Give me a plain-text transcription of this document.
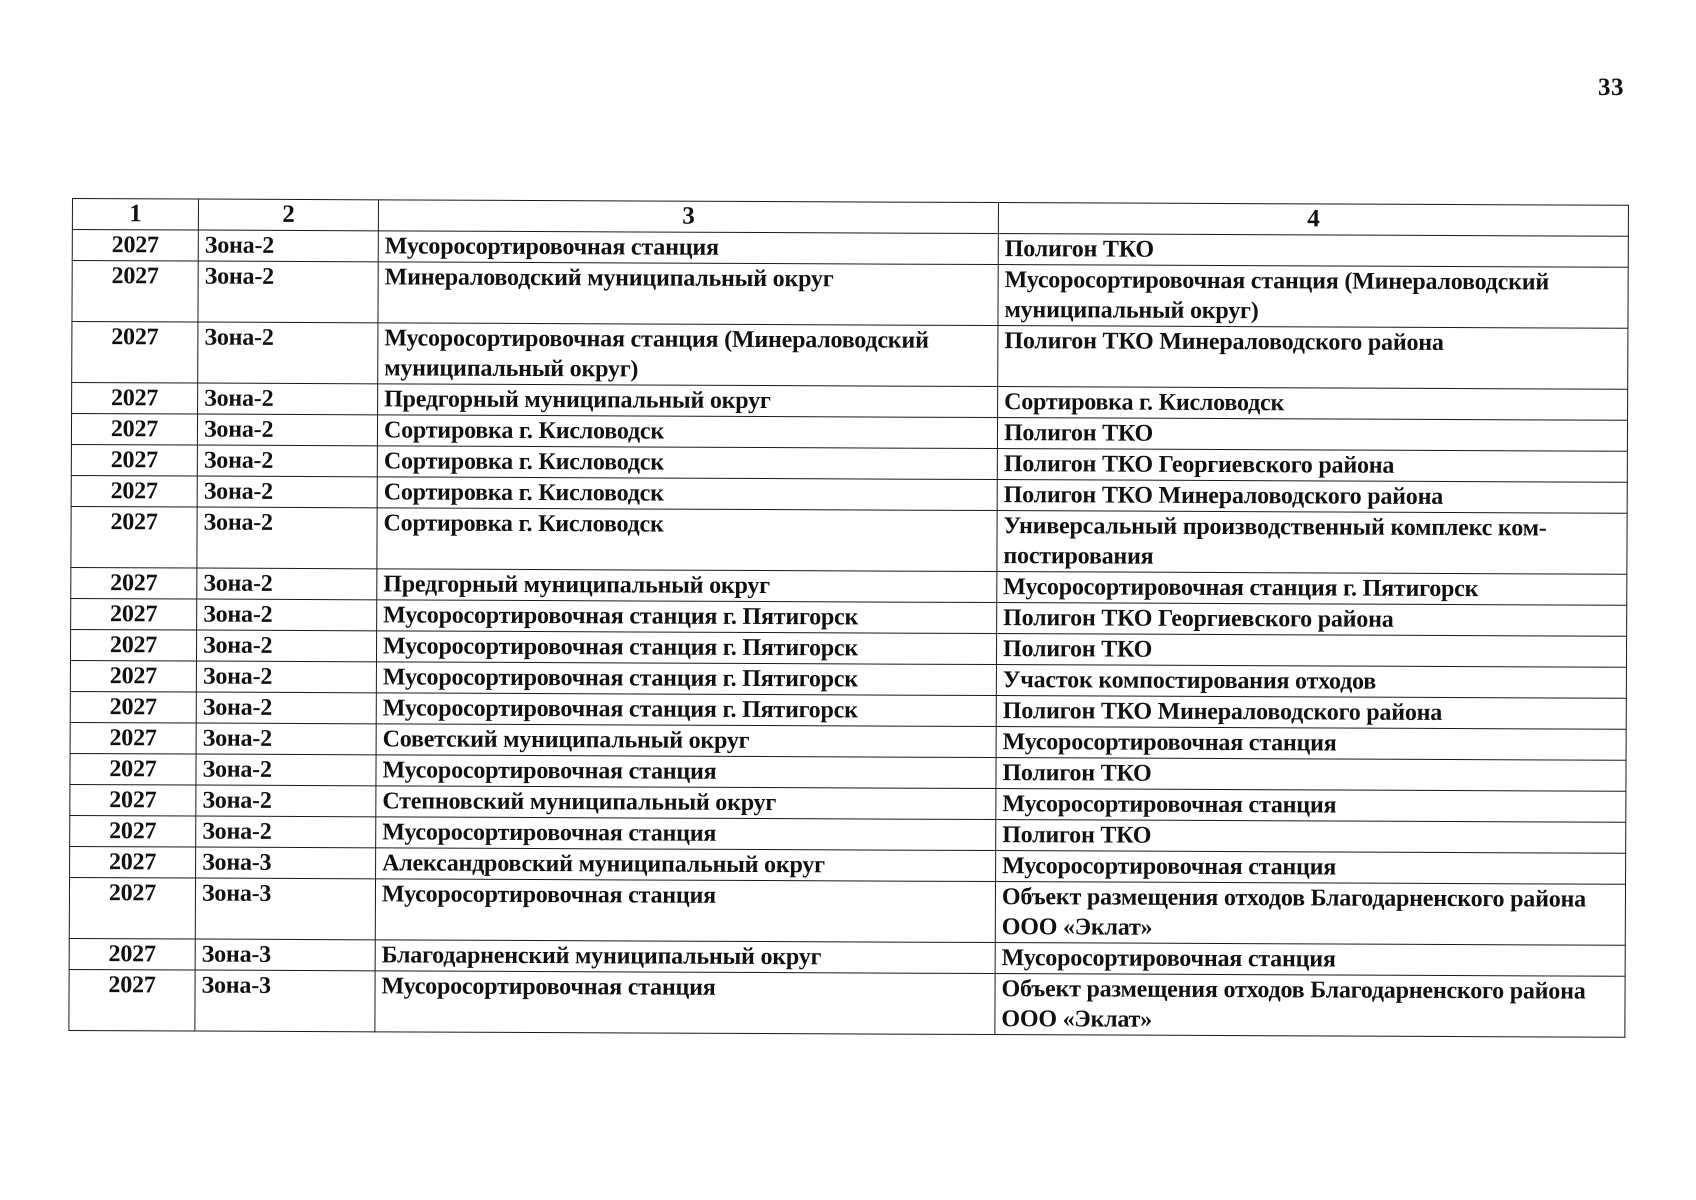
33
1	2	3	4
2027	Зона-2	Мусоросортировочная станция	Полигон ТКО
2027	Зона-2	Минераловодский муниципальный округ	Мусоросортировочная станция (Минераловодский муниципальный округ)
2027	Зона-2	Мусоросортировочная станция (Минераловодский муниципальный округ)	Полигон ТКО Минераловодского района
2027	Зона-2	Предгорный муниципальный округ	Сортировка г. Кисловодск
2027	Зона-2	Сортировка г. Кисловодск	Полигон ТКО
2027	Зона-2	Сортировка г. Кисловодск	Полигон ТКО Георгиевского района
2027	Зона-2	Сортировка г. Кисловодск	Полигон ТКО Минераловодского района
2027	Зона-2	Сортировка г. Кисловодск	Универсальный производственный комплекс ком-постирования
2027	Зона-2	Предгорный муниципальный округ	Мусоросортировочная станция г. Пятигорск
2027	Зона-2	Мусоросортировочная станция г. Пятигорск	Полигон ТКО Георгиевского района
2027	Зона-2	Мусоросортировочная станция г. Пятигорск	Полигон ТКО
2027	Зона-2	Мусоросортировочная станция г. Пятигорск	Участок компостирования отходов
2027	Зона-2	Мусоросортировочная станция г. Пятигорск	Полигон ТКО Минераловодского района
2027	Зона-2	Советский муниципальный округ	Мусоросортировочная станция
2027	Зона-2	Мусоросортировочная станция	Полигон ТКО
2027	Зона-2	Степновский муниципальный округ	Мусоросортировочная станция
2027	Зона-2	Мусоросортировочная станция	Полигон ТКО
2027	Зона-3	Александровский муниципальный округ	Мусоросортировочная станция
2027	Зона-3	Мусоросортировочная станция	Объект размещения отходов Благодарненского района ООО «Эклат»
2027	Зона-3	Благодарненский муниципальный округ	Мусоросортировочная станция
2027	Зона-3	Мусоросортировочная станция	Объект размещения отходов Благодарненского района ООО «Эклат»
